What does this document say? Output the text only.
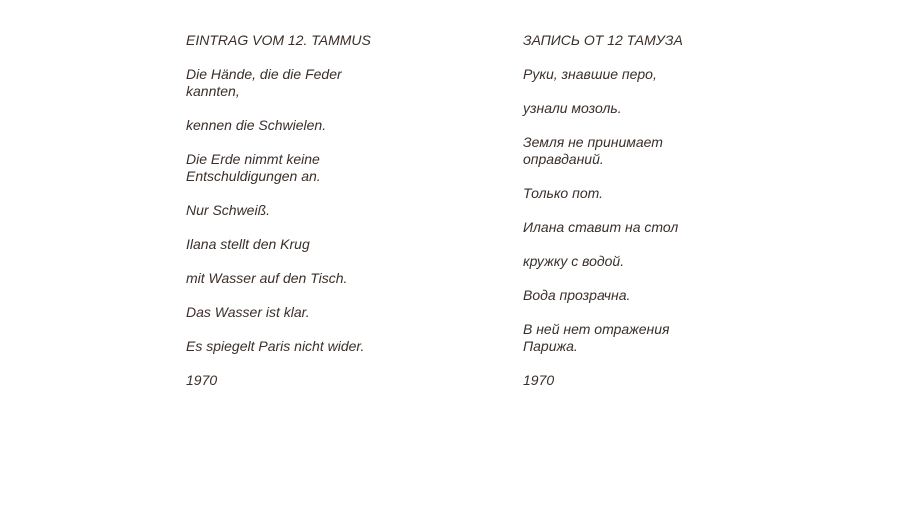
EINTRAG VOM 12. TAMMUS
Die Hände, die die Feder
kannten,
kennen die Schwielen.
Die Erde nimmt keine
Entschuldigungen an.
Nur Schweiß.
Ilana stellt den Krug
mit Wasser auf den Tisch.
Das Wasser ist klar.
Es spiegelt Paris nicht wider.
1970
ЗАПИСЬ ОТ 12 ТАМУЗА
Руки, знавшие перо,
узнали мозоль.
Земля не принимает
оправданий.
Только пот.
Илана ставит на стол
кружку с водой.
Вода прозрачна.
В ней нет отражения
Парижа.
1970
